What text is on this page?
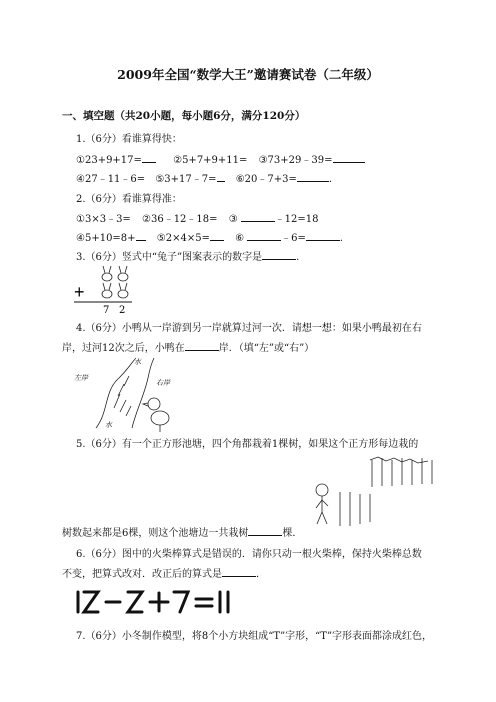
2009年全国“数学大王”邀请赛试卷（二年级）
一、填空题（共20小题，每小题6分，满分120分）
1.（6分）看谁算得快：
①23+9+17=	②5+7+9+11= ③73+29﹣39=
④27﹣11﹣6= ⑤3+17﹣7= ⑥20﹣7+3=	.
2.（6分）看谁算得准：
①3×3﹣3= ②36﹣12﹣18= ③	﹣12=18
④5+10=8+ ⑤2×4×5=	⑥	﹣6=	.
3.（6分）竖式中“兔子”图案表示的数字是	.
+
7 2
4.（6分）小鸭从一岸游到另一岸就算过河一次．请想一想：如果小鸭最初在右
岸，过河12次之后，小鸭在	岸．（填“左”或“右”）
左岸
右岸
水
水
5.（6分）有一个正方形池塘，四个角都栽着1棵树，如果这个正方形每边栽的
树数起来都是6棵，则这个池塘边一共栽树	棵．
6.（6分）图中的火柴棒算式是错误的．请你只动一根火柴棒，保持火柴棒总数
不变，把算式改对．改正后的算式是	．
7.（6分）小冬制作模型，将8个小方块组成“T”字形，“T”字形表面都涂成红色，
